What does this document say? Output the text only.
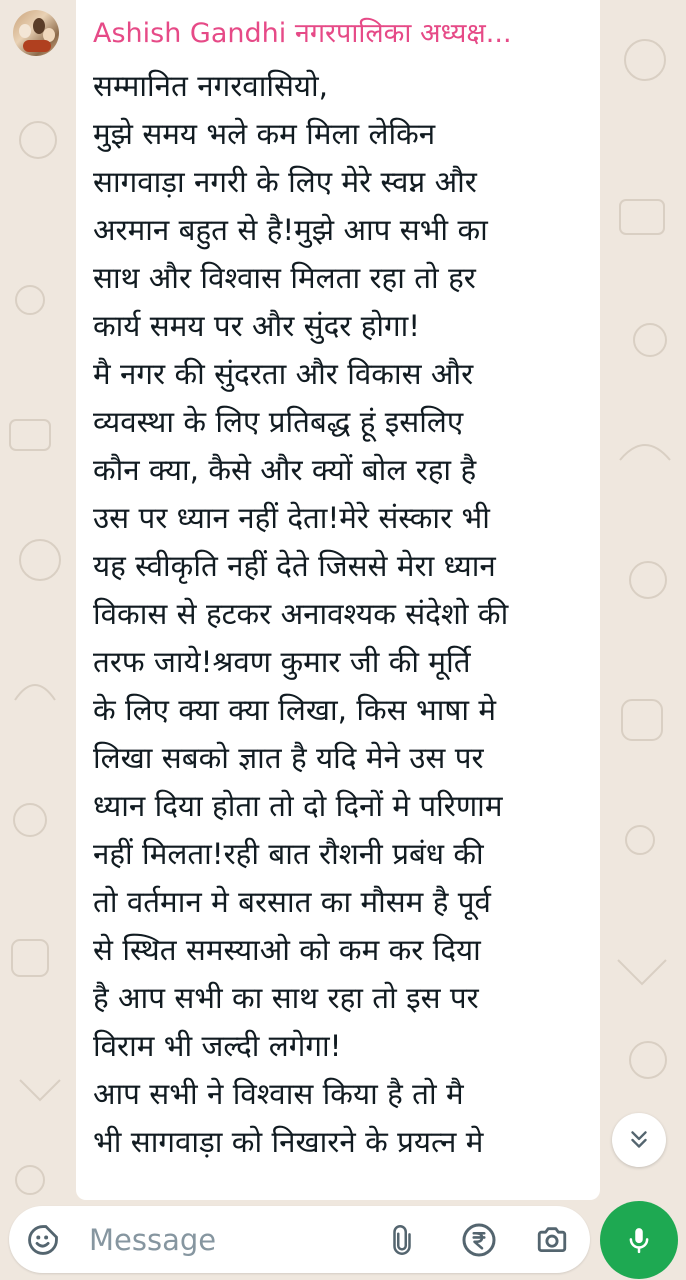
Ashish Gandhi नगरपालिका अध्यक्ष...
सम्मानित नगरवासियो,
मुझे समय भले कम मिला लेकिन
सागवाड़ा नगरी के लिए मेरे स्वप्न और
अरमान बहुत से है!मुझे आप सभी का
साथ और विश्वास मिलता रहा तो हर
कार्य समय पर और सुंदर होगा!
मै नगर की सुंदरता और विकास और
व्यवस्था के लिए प्रतिबद्ध हूं इसलिए
कौन क्या, कैसे और क्यों बोल रहा है
उस पर ध्यान नहीं देता!मेरे संस्कार भी
यह स्वीकृति नहीं देते जिससे मेरा ध्यान
विकास से हटकर अनावश्यक संदेशो की
तरफ जाये!श्रवण कुमार जी की मूर्ति
के लिए क्या क्या लिखा, किस भाषा मे
लिखा सबको ज्ञात है यदि मेने उस पर
ध्यान दिया होता तो दो दिनों मे परिणाम
नहीं मिलता!रही बात रौशनी प्रबंध की
तो वर्तमान मे बरसात का मौसम है पूर्व
से स्थित समस्याओ को कम कर दिया
है आप सभी का साथ रहा तो इस पर
विराम भी जल्दी लगेगा!
आप सभी ने विश्वास किया है तो मै
भी सागवाड़ा को निखारने के प्रयत्न मे
Message
